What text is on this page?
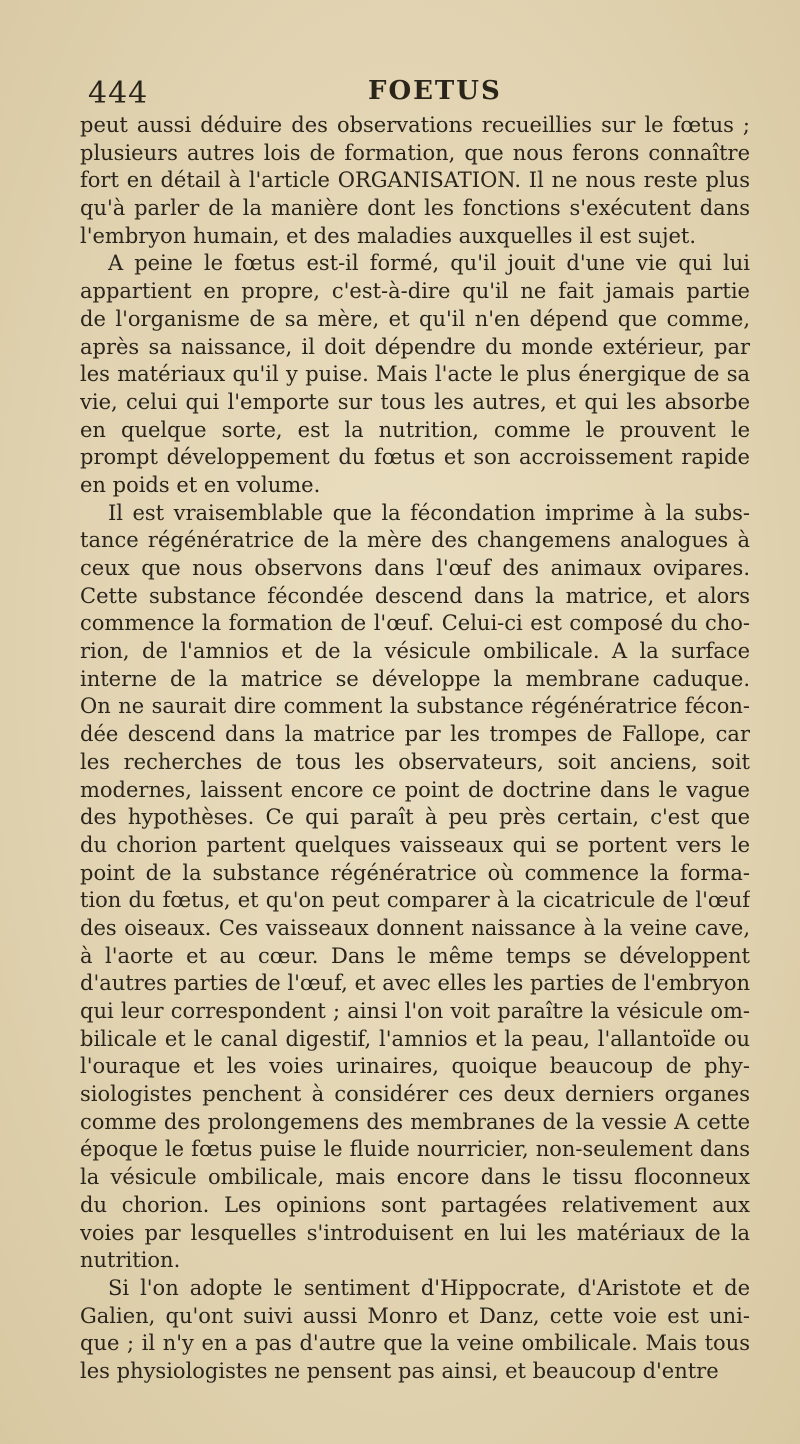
444	FOETUS
peut aussi déduire des observations recueillies sur le fœtus ;
plusieurs autres lois de formation, que nous ferons connaître
fort en détail à l'article ORGANISATION. Il ne nous reste plus
qu'à parler de la manière dont les fonctions s'exécutent dans
l'embryon humain, et des maladies auxquelles il est sujet.
A peine le fœtus est-il formé, qu'il jouit d'une vie qui lui
appartient en propre, c'est-à-dire qu'il ne fait jamais partie
de l'organisme de sa mère, et qu'il n'en dépend que comme,
après sa naissance, il doit dépendre du monde extérieur, par
les matériaux qu'il y puise. Mais l'acte le plus énergique de sa
vie, celui qui l'emporte sur tous les autres, et qui les absorbe
en quelque sorte, est la nutrition, comme le prouvent le
prompt développement du fœtus et son accroissement rapide
en poids et en volume.
Il est vraisemblable que la fécondation imprime à la subs-
tance régénératrice de la mère des changemens analogues à
ceux que nous observons dans l'œuf des animaux ovipares.
Cette substance fécondée descend dans la matrice, et alors
commence la formation de l'œuf. Celui-ci est composé du cho-
rion, de l'amnios et de la vésicule ombilicale. A la surface
interne de la matrice se développe la membrane caduque.
On ne saurait dire comment la substance régénératrice fécon-
dée descend dans la matrice par les trompes de Fallope, car
les recherches de tous les observateurs, soit anciens, soit
modernes, laissent encore ce point de doctrine dans le vague
des hypothèses. Ce qui paraît à peu près certain, c'est que
du chorion partent quelques vaisseaux qui se portent vers le
point de la substance régénératrice où commence la forma-
tion du fœtus, et qu'on peut comparer à la cicatricule de l'œuf
des oiseaux. Ces vaisseaux donnent naissance à la veine cave,
à l'aorte et au cœur. Dans le même temps se développent
d'autres parties de l'œuf, et avec elles les parties de l'embryon
qui leur correspondent ; ainsi l'on voit paraître la vésicule om-
bilicale et le canal digestif, l'amnios et la peau, l'allantoïde ou
l'ouraque et les voies urinaires, quoique beaucoup de phy-
siologistes penchent à considérer ces deux derniers organes
comme des prolongemens des membranes de la vessie A cette
époque le fœtus puise le fluide nourricier, non-seulement dans
la vésicule ombilicale, mais encore dans le tissu floconneux
du chorion. Les opinions sont partagées relativement aux
voies par lesquelles s'introduisent en lui les matériaux de la
nutrition.
Si l'on adopte le sentiment d'Hippocrate, d'Aristote et de
Galien, qu'ont suivi aussi Monro et Danz, cette voie est uni-
que ; il n'y en a pas d'autre que la veine ombilicale. Mais tous
les physiologistes ne pensent pas ainsi, et beaucoup d'entre
